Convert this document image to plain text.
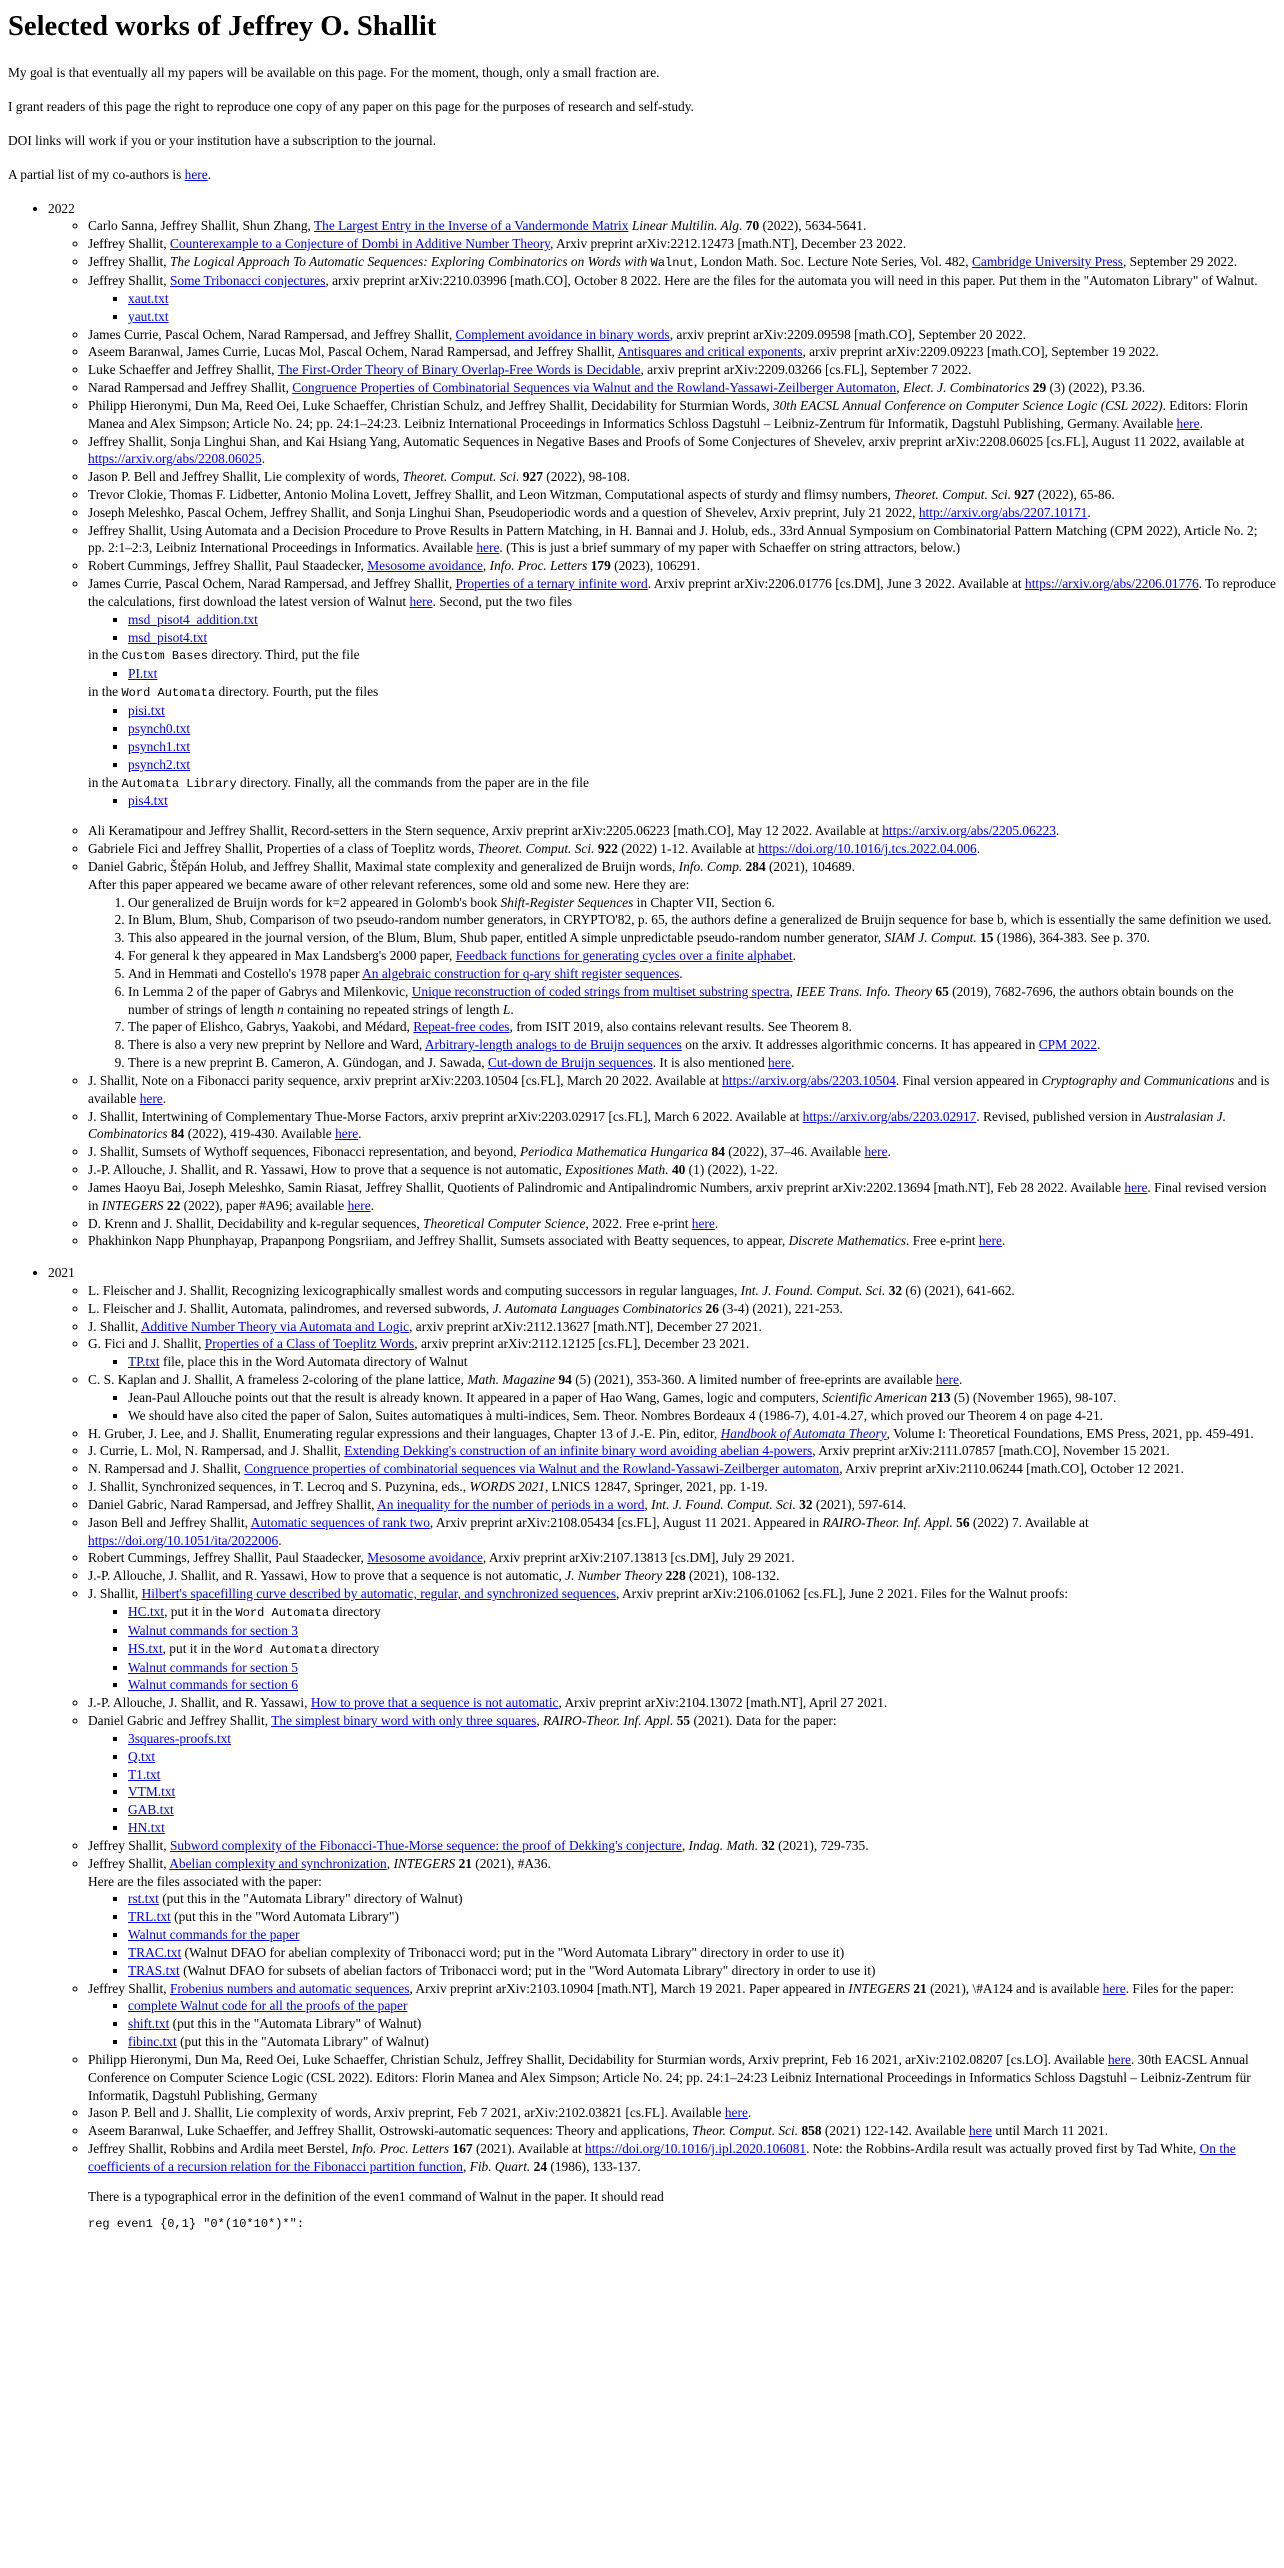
Selected works of Jeffrey O. Shallit

My goal is that eventually all my papers will be available on this page. For the moment, though, only a small fraction are.

I grant readers of this page the right to reproduce one copy of any paper on this page for the purposes of research and self-study.

DOI links will work if you or your institution have a subscription to the journal.

A partial list of my co-authors is here.

• 2022
◦ Carlo Sanna, Jeffrey Shallit, Shun Zhang, The Largest Entry in the Inverse of a Vandermonde Matrix Linear Multilin. Alg. 70 (2022), 5634-5641.
◦ Jeffrey Shallit, Counterexample to a Conjecture of Dombi in Additive Number Theory, Arxiv preprint arXiv:2212.12473 [math.NT], December 23 2022.
◦ Jeffrey Shallit, The Logical Approach To Automatic Sequences: Exploring Combinatorics on Words with Walnut, London Math. Soc. Lecture Note Series, Vol. 482, Cambridge University Press, September 29 2022.
◦ Jeffrey Shallit, Some Tribonacci conjectures, arxiv preprint arXiv:2210.03996 [math.CO], October 8 2022. Here are the files for the automata you will need in this paper. Put them in the "Automaton Library" of Walnut.
▪ xaut.txt
▪ yaut.txt
◦ James Currie, Pascal Ochem, Narad Rampersad, and Jeffrey Shallit, Complement avoidance in binary words, arxiv preprint arXiv:2209.09598 [math.CO], September 20 2022.
◦ Aseem Baranwal, James Currie, Lucas Mol, Pascal Ochem, Narad Rampersad, and Jeffrey Shallit, Antisquares and critical exponents, arxiv preprint arXiv:2209.09223 [math.CO], September 19 2022.
◦ Luke Schaeffer and Jeffrey Shallit, The First-Order Theory of Binary Overlap-Free Words is Decidable, arxiv preprint arXiv:2209.03266 [cs.FL], September 7 2022.
◦ Narad Rampersad and Jeffrey Shallit, Congruence Properties of Combinatorial Sequences via Walnut and the Rowland-Yassawi-Zeilberger Automaton, Elect. J. Combinatorics 29 (3) (2022), P3.36.
◦ Philipp Hieronymi, Dun Ma, Reed Oei, Luke Schaeffer, Christian Schulz, and Jeffrey Shallit, Decidability for Sturmian Words, 30th EACSL Annual Conference on Computer Science Logic (CSL 2022). Editors: Florin Manea and Alex Simpson; Article No. 24; pp. 24:1–24:23. Leibniz International Proceedings in Informatics Schloss Dagstuhl – Leibniz-Zentrum für Informatik, Dagstuhl Publishing, Germany. Available here.
◦ Jeffrey Shallit, Sonja Linghui Shan, and Kai Hsiang Yang, Automatic Sequences in Negative Bases and Proofs of Some Conjectures of Shevelev, arxiv preprint arXiv:2208.06025 [cs.FL], August 11 2022, available at https://arxiv.org/abs/2208.06025.
◦ Jason P. Bell and Jeffrey Shallit, Lie complexity of words, Theoret. Comput. Sci. 927 (2022), 98-108.
◦ Trevor Clokie, Thomas F. Lidbetter, Antonio Molina Lovett, Jeffrey Shallit, and Leon Witzman, Computational aspects of sturdy and flimsy numbers, Theoret. Comput. Sci. 927 (2022), 65-86.
◦ Joseph Meleshko, Pascal Ochem, Jeffrey Shallit, and Sonja Linghui Shan, Pseudoperiodic words and a question of Shevelev, Arxiv preprint, July 21 2022, http://arxiv.org/abs/2207.10171.
◦ Jeffrey Shallit, Using Automata and a Decision Procedure to Prove Results in Pattern Matching, in H. Bannai and J. Holub, eds., 33rd Annual Symposium on Combinatorial Pattern Matching (CPM 2022), Article No. 2; pp. 2:1–2:3, Leibniz International Proceedings in Informatics. Available here. (This is just a brief summary of my paper with Schaeffer on string attractors, below.)
◦ Robert Cummings, Jeffrey Shallit, Paul Staadecker, Mesosome avoidance, Info. Proc. Letters 179 (2023), 106291.
◦ James Currie, Pascal Ochem, Narad Rampersad, and Jeffrey Shallit, Properties of a ternary infinite word. Arxiv preprint arXiv:2206.01776 [cs.DM], June 3 2022. Available at https://arxiv.org/abs/2206.01776. To reproduce the calculations, first download the latest version of Walnut here. Second, put the two files
▪ msd_pisot4_addition.txt
▪ msd_pisot4.txt
in the Custom Bases directory. Third, put the file
▪ PI.txt
in the Word Automata directory. Fourth, put the files
▪ pisi.txt
▪ psynch0.txt
▪ psynch1.txt
▪ psynch2.txt
in the Automata Library directory. Finally, all the commands from the paper are in the file
▪ pis4.txt
◦ Ali Keramatipour and Jeffrey Shallit, Record-setters in the Stern sequence, Arxiv preprint arXiv:2205.06223 [math.CO], May 12 2022. Available at https://arxiv.org/abs/2205.06223.
◦ Gabriele Fici and Jeffrey Shallit, Properties of a class of Toeplitz words, Theoret. Comput. Sci. 922 (2022) 1-12. Available at https://doi.org/10.1016/j.tcs.2022.04.006.
◦ Daniel Gabric, Štěpán Holub, and Jeffrey Shallit, Maximal state complexity and generalized de Bruijn words, Info. Comp. 284 (2021), 104689.
After this paper appeared we became aware of other relevant references, some old and some new. Here they are:
1. Our generalized de Bruijn words for k=2 appeared in Golomb's book Shift-Register Sequences in Chapter VII, Section 6.
2. In Blum, Blum, Shub, Comparison of two pseudo-random number generators, in CRYPTO'82, p. 65, the authors define a generalized de Bruijn sequence for base b, which is essentially the same definition we used.
3. This also appeared in the journal version, of the Blum, Blum, Shub paper, entitled A simple unpredictable pseudo-random number generator, SIAM J. Comput. 15 (1986), 364-383. See p. 370.
4. For general k they appeared in Max Landsberg's 2000 paper, Feedback functions for generating cycles over a finite alphabet.
5. And in Hemmati and Costello's 1978 paper An algebraic construction for q-ary shift register sequences.
6. In Lemma 2 of the paper of Gabrys and Milenkovic, Unique reconstruction of coded strings from multiset substring spectra, IEEE Trans. Info. Theory 65 (2019), 7682-7696, the authors obtain bounds on the number of strings of length n containing no repeated strings of length L.
7. The paper of Elishco, Gabrys, Yaakobi, and Médard, Repeat-free codes, from ISIT 2019, also contains relevant results. See Theorem 8.
8. There is also a very new preprint by Nellore and Ward, Arbitrary-length analogs to de Bruijn sequences on the arxiv. It addresses algorithmic concerns. It has appeared in CPM 2022.
9. There is a new preprint B. Cameron, A. Gündogan, and J. Sawada, Cut-down de Bruijn sequences. It is also mentioned here.
◦ J. Shallit, Note on a Fibonacci parity sequence, arxiv preprint arXiv:2203.10504 [cs.FL], March 20 2022. Available at https://arxiv.org/abs/2203.10504. Final version appeared in Cryptography and Communications and is available here.
◦ J. Shallit, Intertwining of Complementary Thue-Morse Factors, arxiv preprint arXiv:2203.02917 [cs.FL], March 6 2022. Available at https://arxiv.org/abs/2203.02917. Revised, published version in Australasian J. Combinatorics 84 (2022), 419-430. Available here.
◦ J. Shallit, Sumsets of Wythoff sequences, Fibonacci representation, and beyond, Periodica Mathematica Hungarica 84 (2022), 37–46. Available here.
◦ J.-P. Allouche, J. Shallit, and R. Yassawi, How to prove that a sequence is not automatic, Expositiones Math. 40 (1) (2022), 1-22.
◦ James Haoyu Bai, Joseph Meleshko, Samin Riasat, Jeffrey Shallit, Quotients of Palindromic and Antipalindromic Numbers, arxiv preprint arXiv:2202.13694 [math.NT], Feb 28 2022. Available here. Final revised version in INTEGERS 22 (2022), paper #A96; available here.
◦ D. Krenn and J. Shallit, Decidability and k-regular sequences, Theoretical Computer Science, 2022. Free e-print here.
◦ Phakhinkon Napp Phunphayap, Prapanpong Pongsriiam, and Jeffrey Shallit, Sumsets associated with Beatty sequences, to appear, Discrete Mathematics. Free e-print here.
• 2021
◦ L. Fleischer and J. Shallit, Recognizing lexicographically smallest words and computing successors in regular languages, Int. J. Found. Comput. Sci. 32 (6) (2021), 641-662.
◦ L. Fleischer and J. Shallit, Automata, palindromes, and reversed subwords, J. Automata Languages Combinatorics 26 (3-4) (2021), 221-253.
◦ J. Shallit, Additive Number Theory via Automata and Logic, arxiv preprint arXiv:2112.13627 [math.NT], December 27 2021.
◦ G. Fici and J. Shallit, Properties of a Class of Toeplitz Words, arxiv preprint arXiv:2112.12125 [cs.FL], December 23 2021.
▪ TP.txt file, place this in the Word Automata directory of Walnut
◦ C. S. Kaplan and J. Shallit, A frameless 2-coloring of the plane lattice, Math. Magazine 94 (5) (2021), 353-360. A limited number of free-eprints are available here.
▪ Jean-Paul Allouche points out that the result is already known. It appeared in a paper of Hao Wang, Games, logic and computers, Scientific American 213 (5) (November 1965), 98-107.
▪ We should have also cited the paper of Salon, Suites automatiques à multi-indices, Sem. Theor. Nombres Bordeaux 4 (1986-7), 4.01-4.27, which proved our Theorem 4 on page 4-21.
◦ H. Gruber, J. Lee, and J. Shallit, Enumerating regular expressions and their languages, Chapter 13 of J.-E. Pin, editor, Handbook of Automata Theory, Volume I: Theoretical Foundations, EMS Press, 2021, pp. 459-491.
◦ J. Currie, L. Mol, N. Rampersad, and J. Shallit, Extending Dekking's construction of an infinite binary word avoiding abelian 4-powers, Arxiv preprint arXiv:2111.07857 [math.CO], November 15 2021.
◦ N. Rampersad and J. Shallit, Congruence properties of combinatorial sequences via Walnut and the Rowland-Yassawi-Zeilberger automaton, Arxiv preprint arXiv:2110.06244 [math.CO], October 12 2021.
◦ J. Shallit, Synchronized sequences, in T. Lecroq and S. Puzynina, eds., WORDS 2021, LNICS 12847, Springer, 2021, pp. 1-19.
◦ Daniel Gabric, Narad Rampersad, and Jeffrey Shallit, An inequality for the number of periods in a word, Int. J. Found. Comput. Sci. 32 (2021), 597-614.
◦ Jason Bell and Jeffrey Shallit, Automatic sequences of rank two, Arxiv preprint arXiv:2108.05434 [cs.FL], August 11 2021. Appeared in RAIRO-Theor. Inf. Appl. 56 (2022) 7. Available at https://doi.org/10.1051/ita/2022006.
◦ Robert Cummings, Jeffrey Shallit, Paul Staadecker, Mesosome avoidance, Arxiv preprint arXiv:2107.13813 [cs.DM], July 29 2021.
◦ J.-P. Allouche, J. Shallit, and R. Yassawi, How to prove that a sequence is not automatic, J. Number Theory 228 (2021), 108-132.
◦ J. Shallit, Hilbert's spacefilling curve described by automatic, regular, and synchronized sequences, Arxiv preprint arXiv:2106.01062 [cs.FL], June 2 2021. Files for the Walnut proofs:
▪ HC.txt, put it in the Word Automata directory
▪ Walnut commands for section 3
▪ HS.txt, put it in the Word Automata directory
▪ Walnut commands for section 5
▪ Walnut commands for section 6
◦ J.-P. Allouche, J. Shallit, and R. Yassawi, How to prove that a sequence is not automatic, Arxiv preprint arXiv:2104.13072 [math.NT], April 27 2021.
◦ Daniel Gabric and Jeffrey Shallit, The simplest binary word with only three squares, RAIRO-Theor. Inf. Appl. 55 (2021). Data for the paper:
▪ 3squares-proofs.txt
▪ Q.txt
▪ T1.txt
▪ VTM.txt
▪ GAB.txt
▪ HN.txt
◦ Jeffrey Shallit, Subword complexity of the Fibonacci-Thue-Morse sequence: the proof of Dekking's conjecture, Indag. Math. 32 (2021), 729-735.
◦ Jeffrey Shallit, Abelian complexity and synchronization, INTEGERS 21 (2021), #A36.
Here are the files associated with the paper:
▪ rst.txt (put this in the "Automata Library" directory of Walnut)
▪ TRL.txt (put this in the "Word Automata Library")
▪ Walnut commands for the paper
▪ TRAC.txt (Walnut DFAO for abelian complexity of Tribonacci word; put in the "Word Automata Library" directory in order to use it)
▪ TRAS.txt (Walnut DFAO for subsets of abelian factors of Tribonacci word; put in the "Word Automata Library" directory in order to use it)
◦ Jeffrey Shallit, Frobenius numbers and automatic sequences, Arxiv preprint arXiv:2103.10904 [math.NT], March 19 2021. Paper appeared in INTEGERS 21 (2021), \#A124 and is available here. Files for the paper:
▪ complete Walnut code for all the proofs of the paper
▪ shift.txt (put this in the "Automata Library" of Walnut)
▪ fibinc.txt (put this in the "Automata Library" of Walnut)
◦ Philipp Hieronymi, Dun Ma, Reed Oei, Luke Schaeffer, Christian Schulz, Jeffrey Shallit, Decidability for Sturmian words, Arxiv preprint, Feb 16 2021, arXiv:2102.08207 [cs.LO]. Available here. 30th EACSL Annual Conference on Computer Science Logic (CSL 2022). Editors: Florin Manea and Alex Simpson; Article No. 24; pp. 24:1–24:23 Leibniz International Proceedings in Informatics Schloss Dagstuhl – Leibniz-Zentrum für Informatik, Dagstuhl Publishing, Germany
◦ Jason P. Bell and J. Shallit, Lie complexity of words, Arxiv preprint, Feb 7 2021, arXiv:2102.03821 [cs.FL]. Available here.
◦ Aseem Baranwal, Luke Schaeffer, and Jeffrey Shallit, Ostrowski-automatic sequences: Theory and applications, Theor. Comput. Sci. 858 (2021) 122-142. Available here until March 11 2021.
◦ Jeffrey Shallit, Robbins and Ardila meet Berstel, Info. Proc. Letters 167 (2021). Available at https://doi.org/10.1016/j.ipl.2020.106081. Note: the Robbins-Ardila result was actually proved first by Tad White, On the coefficients of a recursion relation for the Fibonacci partition function, Fib. Quart. 24 (1986), 133-137.
There is a typographical error in the definition of the even1 command of Walnut in the paper. It should read
reg even1 {0,1} "0*(10*10*)*":
